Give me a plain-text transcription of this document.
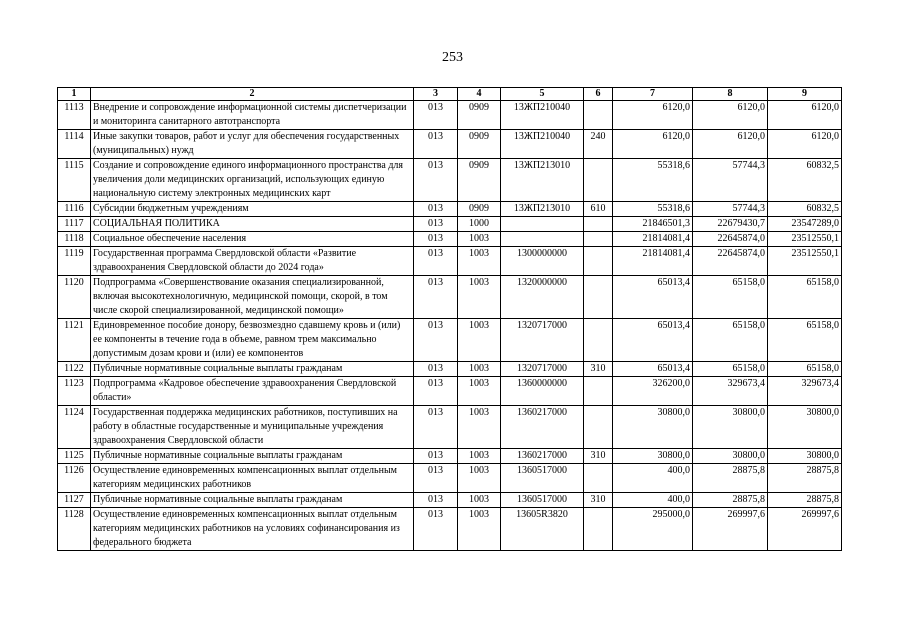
253
1	2	3	4	5	6	7	8	9
1113	Внедрение и сопровождение информационной системы диспетчеризации и мониторинга санитарного автотранспорта	013	0909	13ЖП210040		6120,0	6120,0	6120,0
1114	Иные закупки товаров, работ и услуг для обеспечения государственных (муниципальных) нужд	013	0909	13ЖП210040	240	6120,0	6120,0	6120,0
1115	Создание и сопровождение единого информационного пространства для увеличения доли медицинских организаций, использующих единую национальную систему электронных медицинских карт	013	0909	13ЖП213010		55318,6	57744,3	60832,5
1116	Субсидии бюджетным учреждениям	013	0909	13ЖП213010	610	55318,6	57744,3	60832,5
1117	СОЦИАЛЬНАЯ ПОЛИТИКА	013	1000			21846501,3	22679430,7	23547289,0
1118	Социальное обеспечение населения	013	1003			21814081,4	22645874,0	23512550,1
1119	Государственная программа Свердловской области «Развитие здравоохранения Свердловской области до 2024 года»	013	1003	1300000000		21814081,4	22645874,0	23512550,1
1120	Подпрограмма «Совершенствование оказания специализированной, включая высокотехнологичную, медицинской помощи, скорой, в том числе скорой специализированной, медицинской помощи»	013	1003	1320000000		65013,4	65158,0	65158,0
1121	Единовременное пособие донору, безвозмездно сдавшему кровь и (или) ее компоненты в течение года в объеме, равном трем максимально допустимым дозам крови и (или) ее компонентов	013	1003	1320717000		65013,4	65158,0	65158,0
1122	Публичные нормативные социальные выплаты гражданам	013	1003	1320717000	310	65013,4	65158,0	65158,0
1123	Подпрограмма «Кадровое обеспечение здравоохранения Свердловской области»	013	1003	1360000000		326200,0	329673,4	329673,4
1124	Государственная поддержка медицинских работников, поступивших на работу в областные государственные и муниципальные учреждения здравоохранения Свердловской области	013	1003	1360217000		30800,0	30800,0	30800,0
1125	Публичные нормативные социальные выплаты гражданам	013	1003	1360217000	310	30800,0	30800,0	30800,0
1126	Осуществление единовременных компенсационных выплат отдельным категориям медицинских работников	013	1003	1360517000		400,0	28875,8	28875,8
1127	Публичные нормативные социальные выплаты гражданам	013	1003	1360517000	310	400,0	28875,8	28875,8
1128	Осуществление единовременных компенсационных выплат отдельным категориям медицинских работников на условиях софинансирования из федерального бюджета	013	1003	13605R3820		295000,0	269997,6	269997,6
